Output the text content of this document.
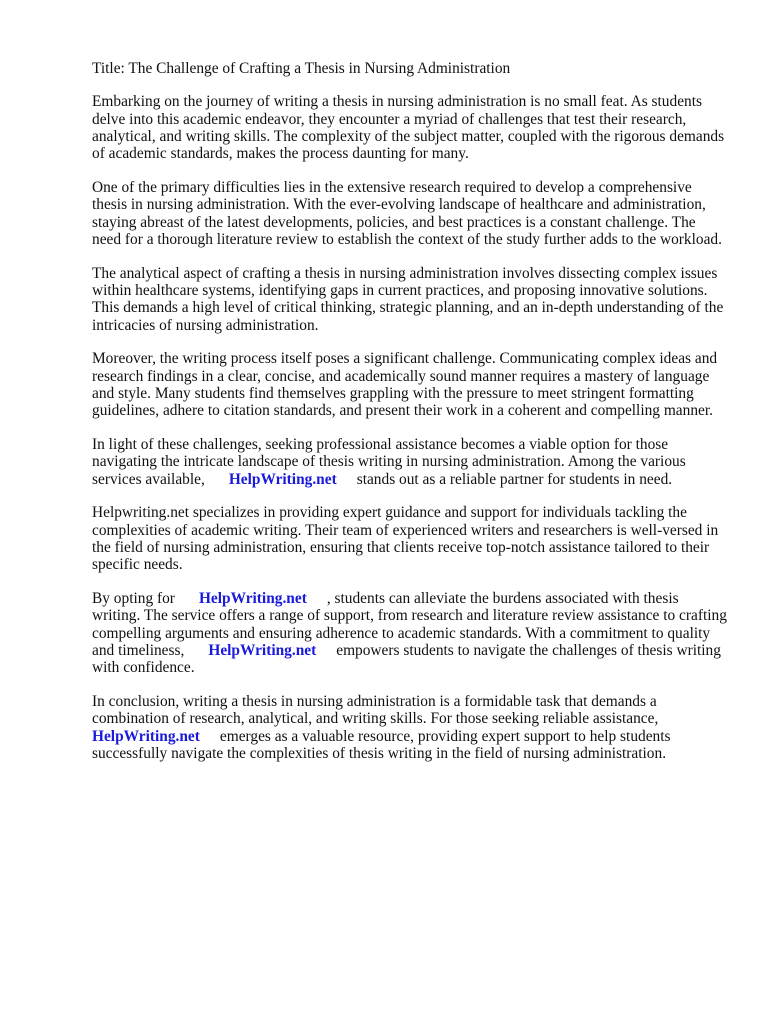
Title: The Challenge of Crafting a Thesis in Nursing Administration

Embarking on the journey of writing a thesis in nursing administration is no small feat. As students delve into this academic endeavor, they encounter a myriad of challenges that test their research, analytical, and writing skills. The complexity of the subject matter, coupled with the rigorous demands of academic standards, makes the process daunting for many.

One of the primary difficulties lies in the extensive research required to develop a comprehensive thesis in nursing administration. With the ever-evolving landscape of healthcare and administration, staying abreast of the latest developments, policies, and best practices is a constant challenge. The need for a thorough literature review to establish the context of the study further adds to the workload.

The analytical aspect of crafting a thesis in nursing administration involves dissecting complex issues within healthcare systems, identifying gaps in current practices, and proposing innovative solutions. This demands a high level of critical thinking, strategic planning, and an in-depth understanding of the intricacies of nursing administration.

Moreover, the writing process itself poses a significant challenge. Communicating complex ideas and research findings in a clear, concise, and academically sound manner requires a mastery of language and style. Many students find themselves grappling with the pressure to meet stringent formatting guidelines, adhere to citation standards, and present their work in a coherent and compelling manner.

In light of these challenges, seeking professional assistance becomes a viable option for those navigating the intricate landscape of thesis writing in nursing administration. Among the various services available, HelpWriting.net stands out as a reliable partner for students in need.

Helpwriting.net specializes in providing expert guidance and support for individuals tackling the complexities of academic writing. Their team of experienced writers and researchers is well-versed in the field of nursing administration, ensuring that clients receive top-notch assistance tailored to their specific needs.

By opting for HelpWriting.net , students can alleviate the burdens associated with thesis writing. The service offers a range of support, from research and literature review assistance to crafting compelling arguments and ensuring adherence to academic standards. With a commitment to quality and timeliness, HelpWriting.net empowers students to navigate the challenges of thesis writing with confidence.

In conclusion, writing a thesis in nursing administration is a formidable task that demands a combination of research, analytical, and writing skills. For those seeking reliable assistance, HelpWriting.net emerges as a valuable resource, providing expert support to help students successfully navigate the complexities of thesis writing in the field of nursing administration.
